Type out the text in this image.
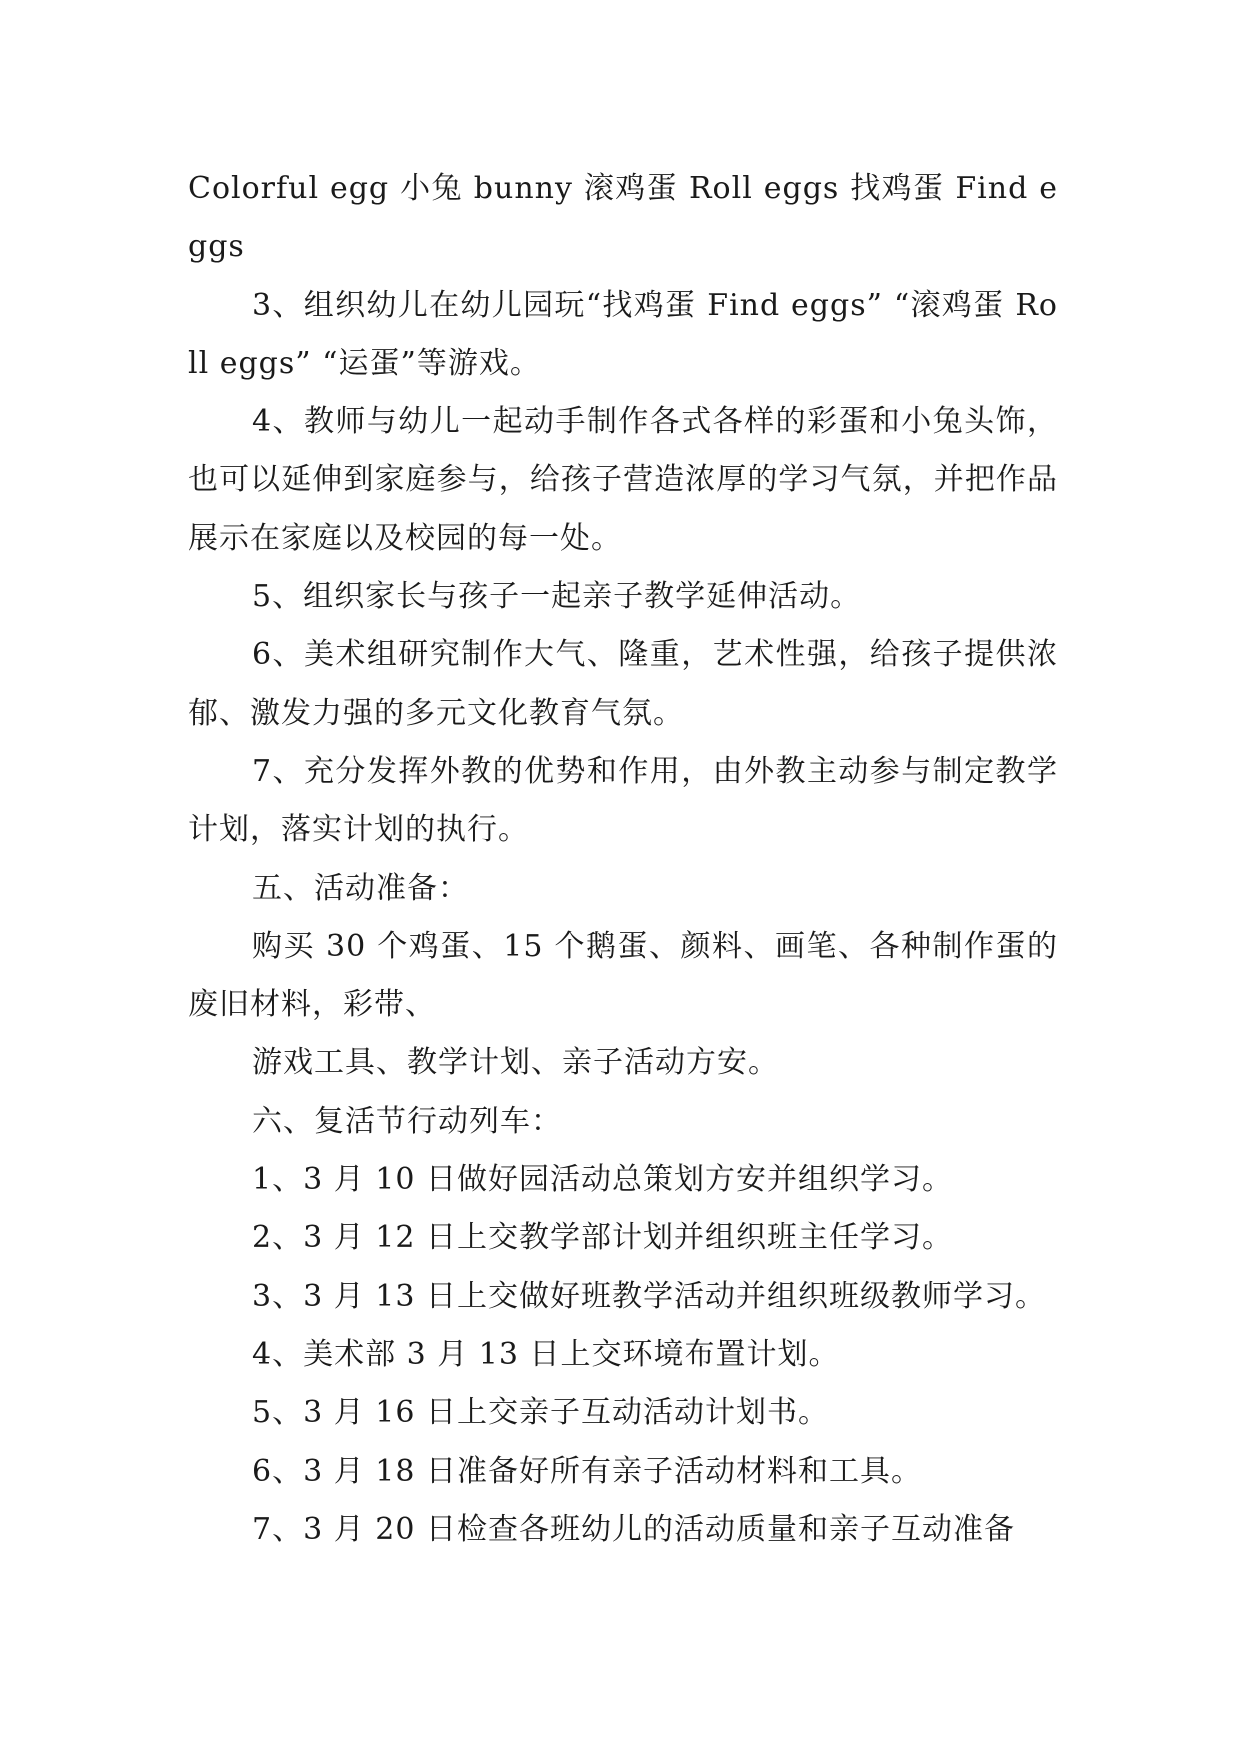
Colorful egg 小兔 bunny 滚鸡蛋 Roll eggs 找鸡蛋 Find eggs

3、组织幼儿在幼儿园玩“找鸡蛋 Find eggs” “滚鸡蛋 Roll eggs” “运蛋”等游戏。

4、教师与幼儿一起动手制作各式各样的彩蛋和小兔头饰，也可以延伸到家庭参与，给孩子营造浓厚的学习气氛，并把作品展示在家庭以及校园的每一处。

5、组织家长与孩子一起亲子教学延伸活动。

6、美术组研究制作大气、隆重，艺术性强，给孩子提供浓郁、激发力强的多元文化教育气氛。

7、充分发挥外教的优势和作用，由外教主动参与制定教学计划，落实计划的执行。

五、活动准备：

购买 30 个鸡蛋、15 个鹅蛋、颜料、画笔、各种制作蛋的废旧材料，彩带、

游戏工具、教学计划、亲子活动方安。

六、复活节行动列车：

1、3 月 10 日做好园活动总策划方安并组织学习。

2、3 月 12 日上交教学部计划并组织班主任学习。

3、3 月 13 日上交做好班教学活动并组织班级教师学习。

4、美术部 3 月 13 日上交环境布置计划。

5、3 月 16 日上交亲子互动活动计划书。

6、3 月 18 日准备好所有亲子活动材料和工具。

7、3 月 20 日检查各班幼儿的活动质量和亲子互动准备
